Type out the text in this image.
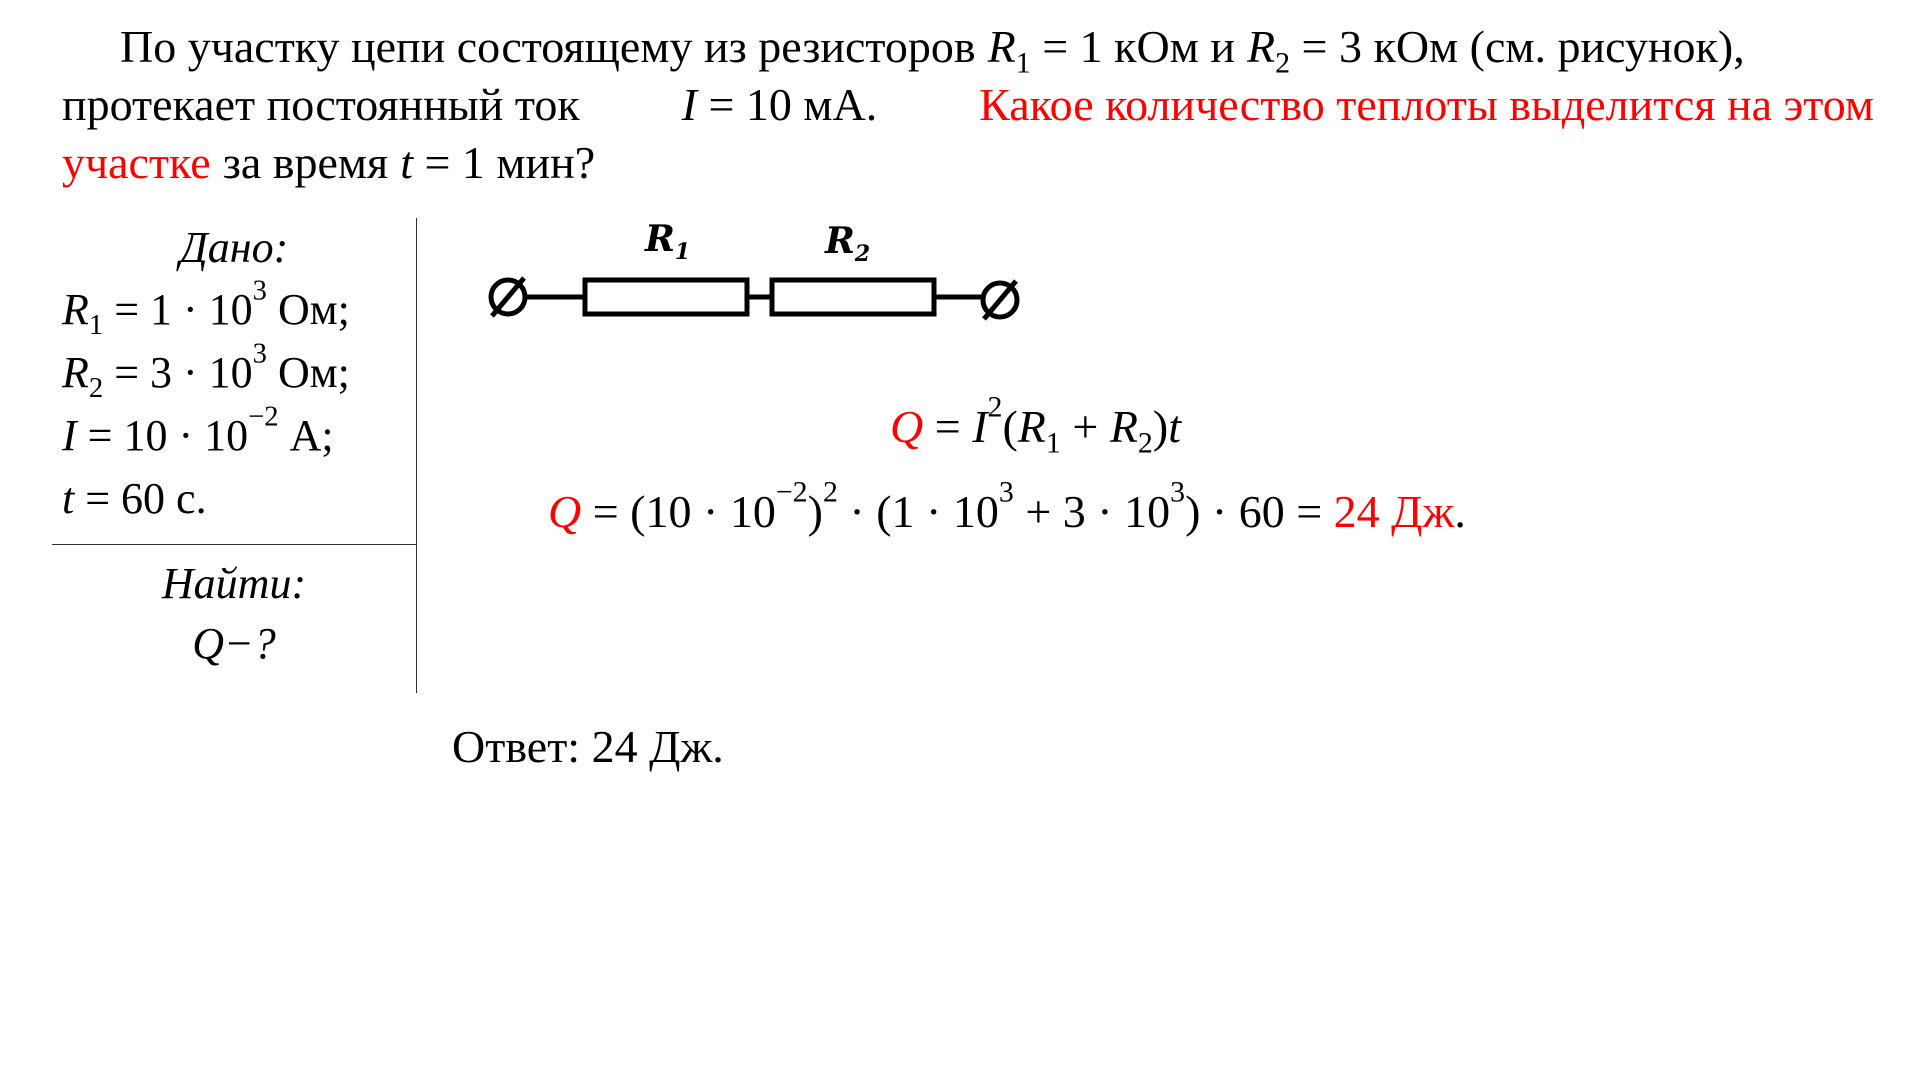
По участку цепи состоящему из резисторов $R_1 = 1$ кОм и $R_2 = 3$ кОм (см. рисунок),
протекает постоянный ток I = 10 мА. Какое количество теплоты выделится на этом
участке за время t = 1 мин?
Дано:
$R_1 = 1 \cdot 10^3$ Ом;
$R_2 = 3 \cdot 10^3$ Ом;
$I = 10 \cdot 10^{-2}$ А;
t = 60 с.
Найти:
Q−?
$R_1$	$R_2$
$Q = I^2(R_1 + R_2)t$
$Q = (10 \cdot 10^{-2})^2 \cdot (1 \cdot 10^3 + 3 \cdot 10^3) \cdot 60 = 24$ Дж.
Ответ: 24 Дж.
